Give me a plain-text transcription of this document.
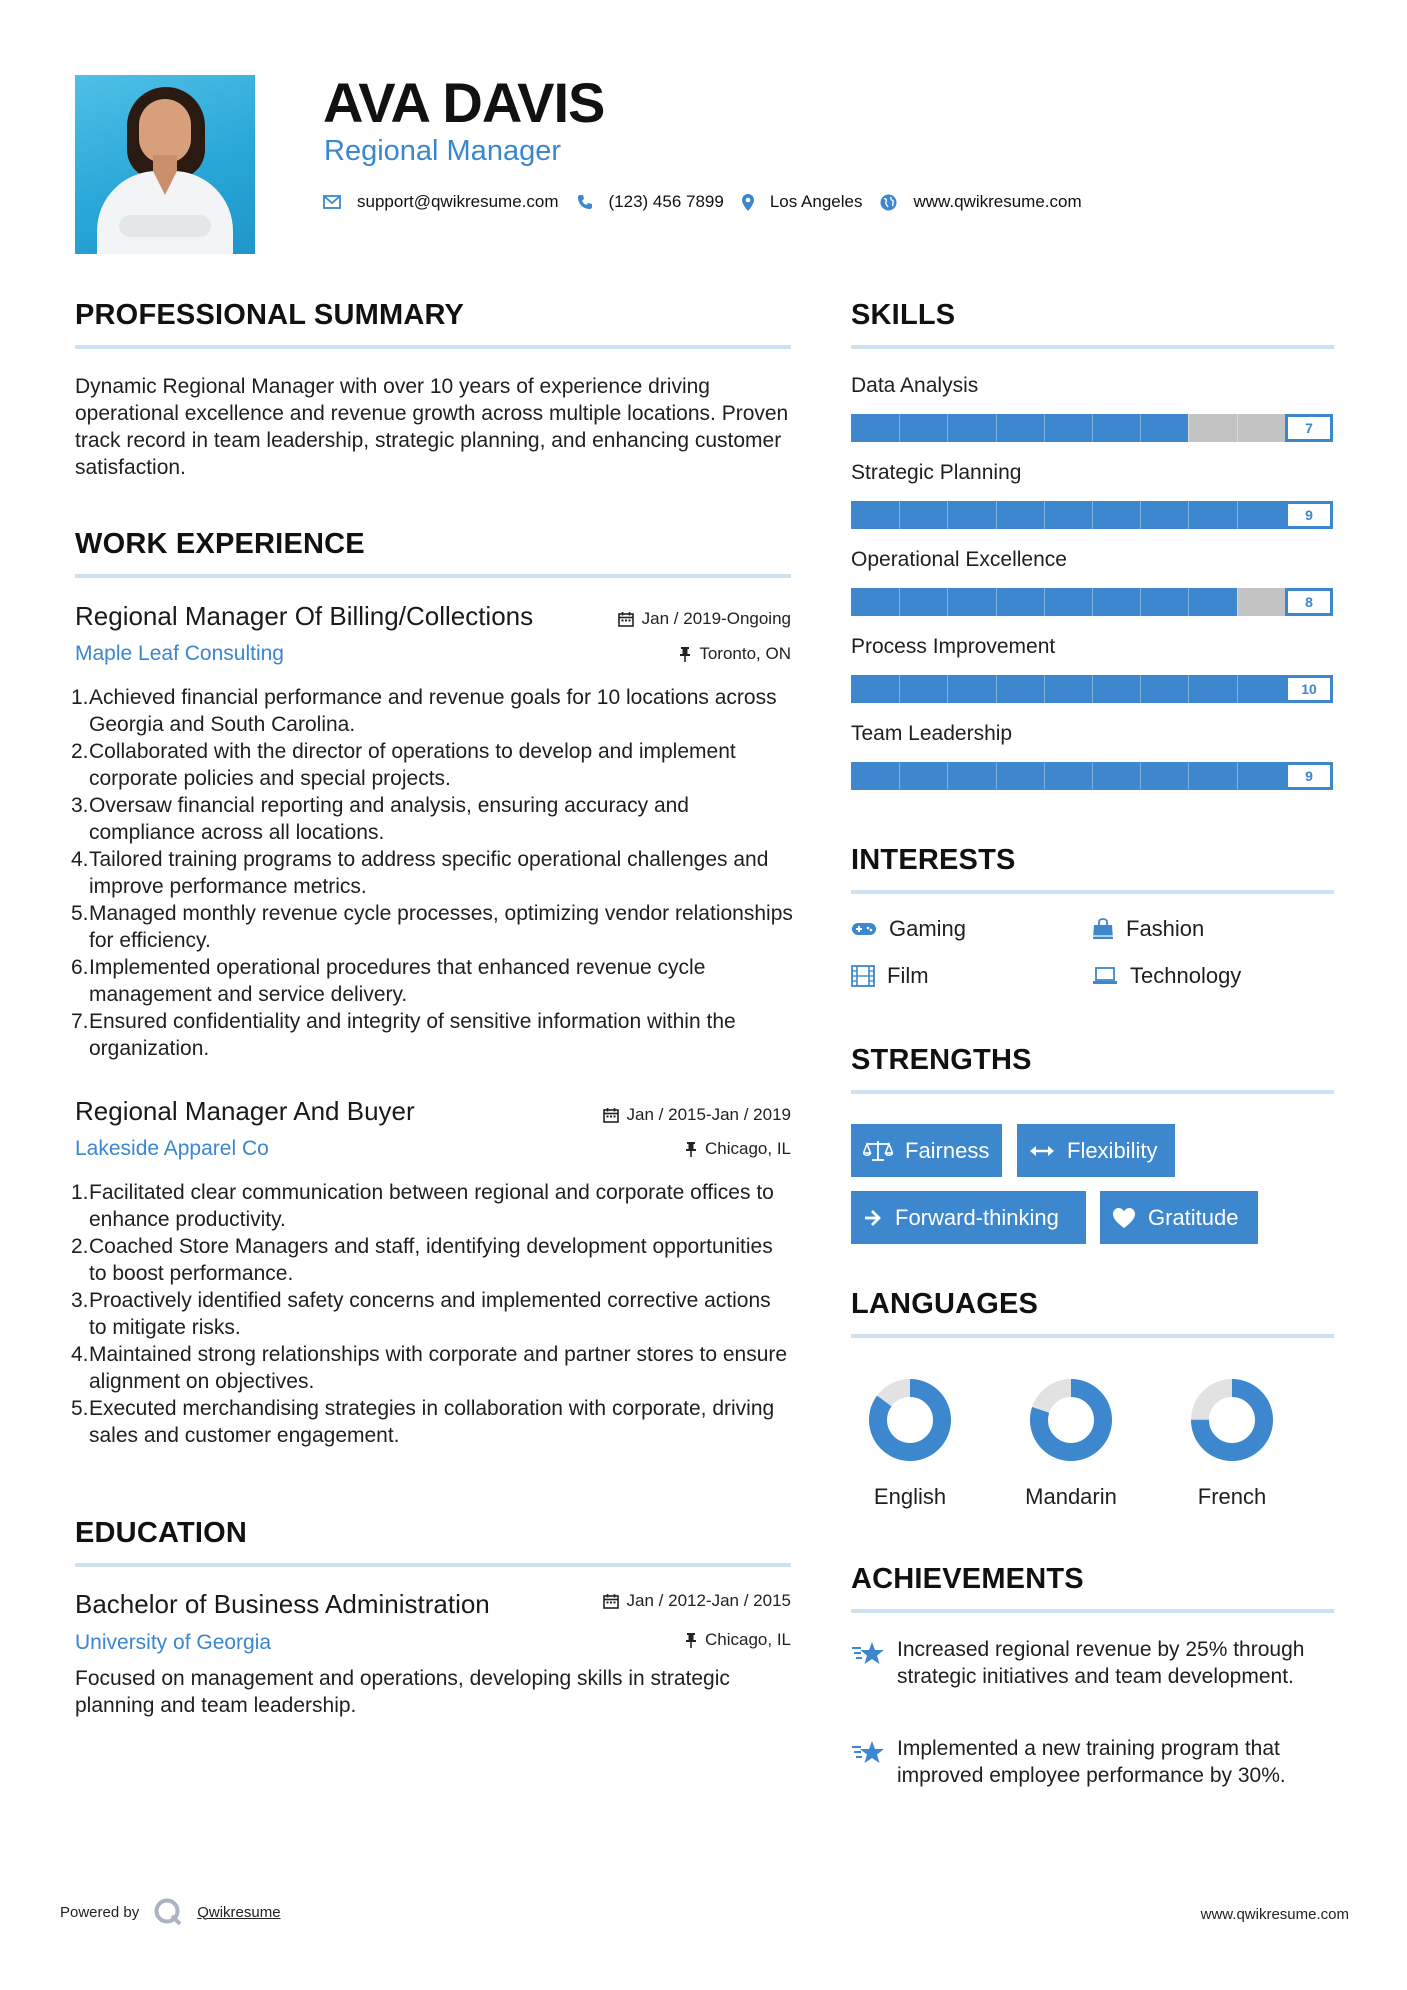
AVA DAVIS
Regional Manager
support@qwikresume.com	(123) 456 7899	Los Angeles	www.qwikresume.com
PROFESSIONAL SUMMARY
Dynamic Regional Manager with over 10 years of experience driving operational excellence and revenue growth across multiple locations. Proven track record in team leadership, strategic planning, and enhancing customer satisfaction.
WORK EXPERIENCE
Regional Manager Of Billing/Collections	Jan / 2019-Ongoing
Maple Leaf Consulting	Toronto, ON
1. Achieved financial performance and revenue goals for 10 locations across Georgia and South Carolina.
2. Collaborated with the director of operations to develop and implement corporate policies and special projects.
3. Oversaw financial reporting and analysis, ensuring accuracy and compliance across all locations.
4. Tailored training programs to address specific operational challenges and improve performance metrics.
5. Managed monthly revenue cycle processes, optimizing vendor relationships for efficiency.
6. Implemented operational procedures that enhanced revenue cycle management and service delivery.
7. Ensured confidentiality and integrity of sensitive information within the organization.
Regional Manager And Buyer	Jan / 2015-Jan / 2019
Lakeside Apparel Co	Chicago, IL
1. Facilitated clear communication between regional and corporate offices to enhance productivity.
2. Coached Store Managers and staff, identifying development opportunities to boost performance.
3. Proactively identified safety concerns and implemented corrective actions to mitigate risks.
4. Maintained strong relationships with corporate and partner stores to ensure alignment on objectives.
5. Executed merchandising strategies in collaboration with corporate, driving sales and customer engagement.
EDUCATION
Bachelor of Business Administration	Jan / 2012-Jan / 2015
University of Georgia	Chicago, IL
Focused on management and operations, developing skills in strategic planning and team leadership.
SKILLS
Data Analysis
7
Strategic Planning
9
Operational Excellence
8
Process Improvement
10
Team Leadership
9
INTERESTS
Gaming	Fashion
Film	Technology
STRENGTHS
Fairness	Flexibility
Forward-thinking	Gratitude
LANGUAGES
English	Mandarin	French
ACHIEVEMENTS
Increased regional revenue by 25% through strategic initiatives and team development.
Implemented a new training program that improved employee performance by 30%.
Powered by	Qwikresume	www.qwikresume.com
